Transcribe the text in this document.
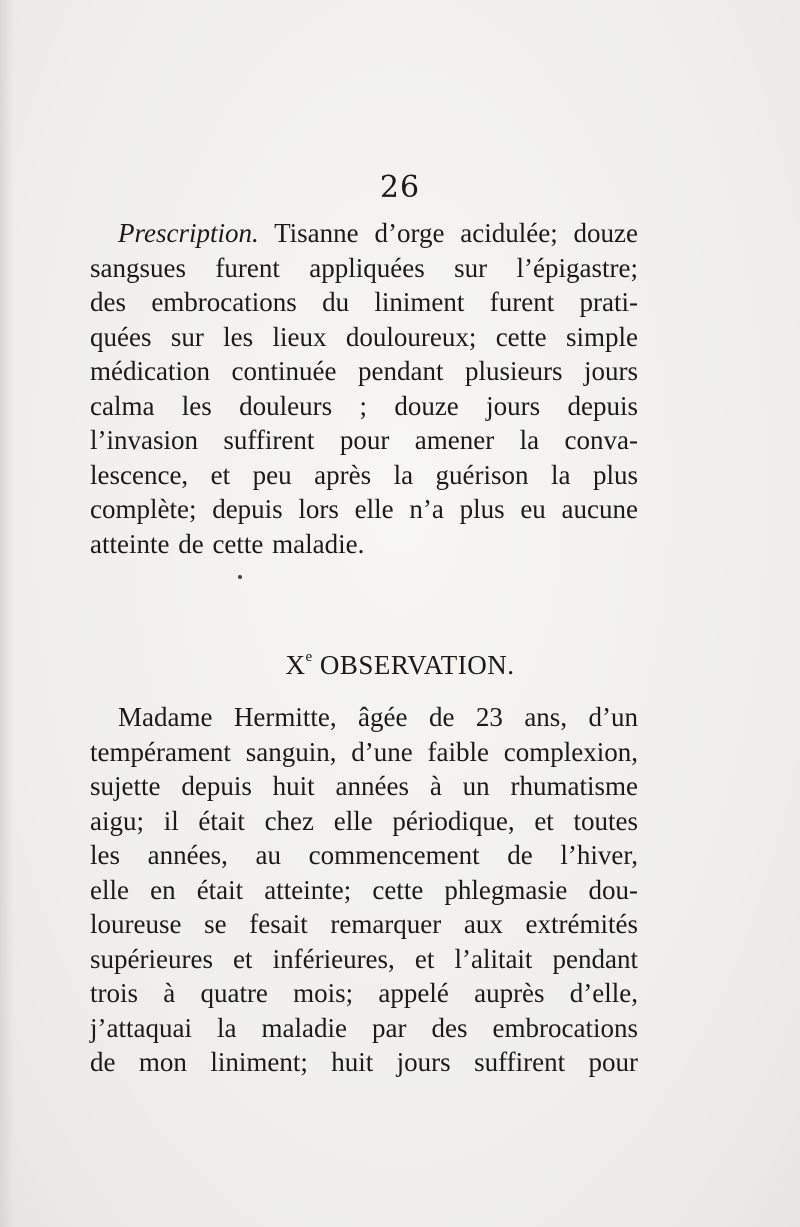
26
Prescription. Tisanne d’orge acidulée; douze
sangsues furent appliquées sur l’épigastre;
des embrocations du liniment furent prati-
quées sur les lieux douloureux; cette simple
médication continuée pendant plusieurs jours
calma les douleurs ; douze jours depuis
l’invasion suffirent pour amener la conva-
lescence, et peu après la guérison la plus
complète; depuis lors elle n’a plus eu aucune
atteinte de cette maladie.
Xe OBSERVATION.
Madame Hermitte, âgée de 23 ans, d’un
tempérament sanguin, d’une faible complexion,
sujette depuis huit années à un rhumatisme
aigu; il était chez elle périodique, et toutes
les années, au commencement de l’hiver,
elle en était atteinte; cette phlegmasie dou-
loureuse se fesait remarquer aux extrémités
supérieures et inférieures, et l’alitait pendant
trois à quatre mois; appelé auprès d’elle,
j’attaquai la maladie par des embrocations
de mon liniment; huit jours suffirent pour
